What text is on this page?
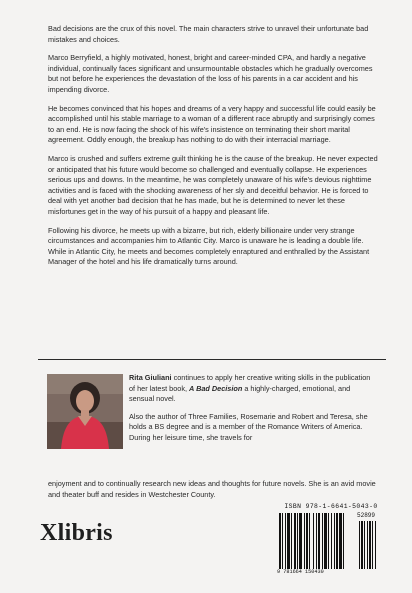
Bad decisions are the crux of this novel. The main characters strive to unravel their unfortunate bad mistakes and choices.

Marco Berryfield, a highly motivated, honest, bright and career-minded CPA, and hardly a negative individual, continually faces significant and unsurmountable obstacles which he gradually overcomes but not before he experiences the devastation of the loss of his parents in a car accident and his impending divorce.

He becomes convinced that his hopes and dreams of a very happy and successful life could easily be accomplished until his stable marriage to a woman of a different race abruptly and surprisingly comes to an end. He is now facing the shock of his wife's insistence on terminating their short marital agreement. Oddly enough, the breakup has nothing to do with their interracial marriage.

Marco is crushed and suffers extreme guilt thinking he is the cause of the breakup. He never expected or anticipated that his future would become so challenged and eventually collapse. He experiences serious ups and downs. In the meantime, he was completely unaware of his wife's devious nighttime activities and is faced with the shocking awareness of her sly and deceitful behavior. He is forced to deal with yet another bad decision that he has made, but he is determined to never let these misfortunes get in the way of his pursuit of a happy and pleasant life.

Following his divorce, he meets up with a bizarre, but rich, elderly billionaire under very strange circumstances and accompanies him to Atlantic City. Marco is unaware he is leading a double life. While in Atlantic City, he meets and becomes completely enraptured and enthralled by the Assistant Manager of the hotel and his life dramatically turns around.

Rita Giuliani continues to apply her creative writing skills in the publication of her latest book, A Bad Decision a highly-charged, emotional, and sensual novel.

Also the author of Three Families, Rosemarie and Robert and Teresa, she holds a BS degree and is a member of the Romance Writers of America. During her leisure time, she travels for

enjoyment and to continually research new ideas and thoughts for future novels. She is an avid movie and theater buff and resides in Westchester County.
Xlibris
ISBN 978-1-6641-5043-0
52899
9 781664 150430
